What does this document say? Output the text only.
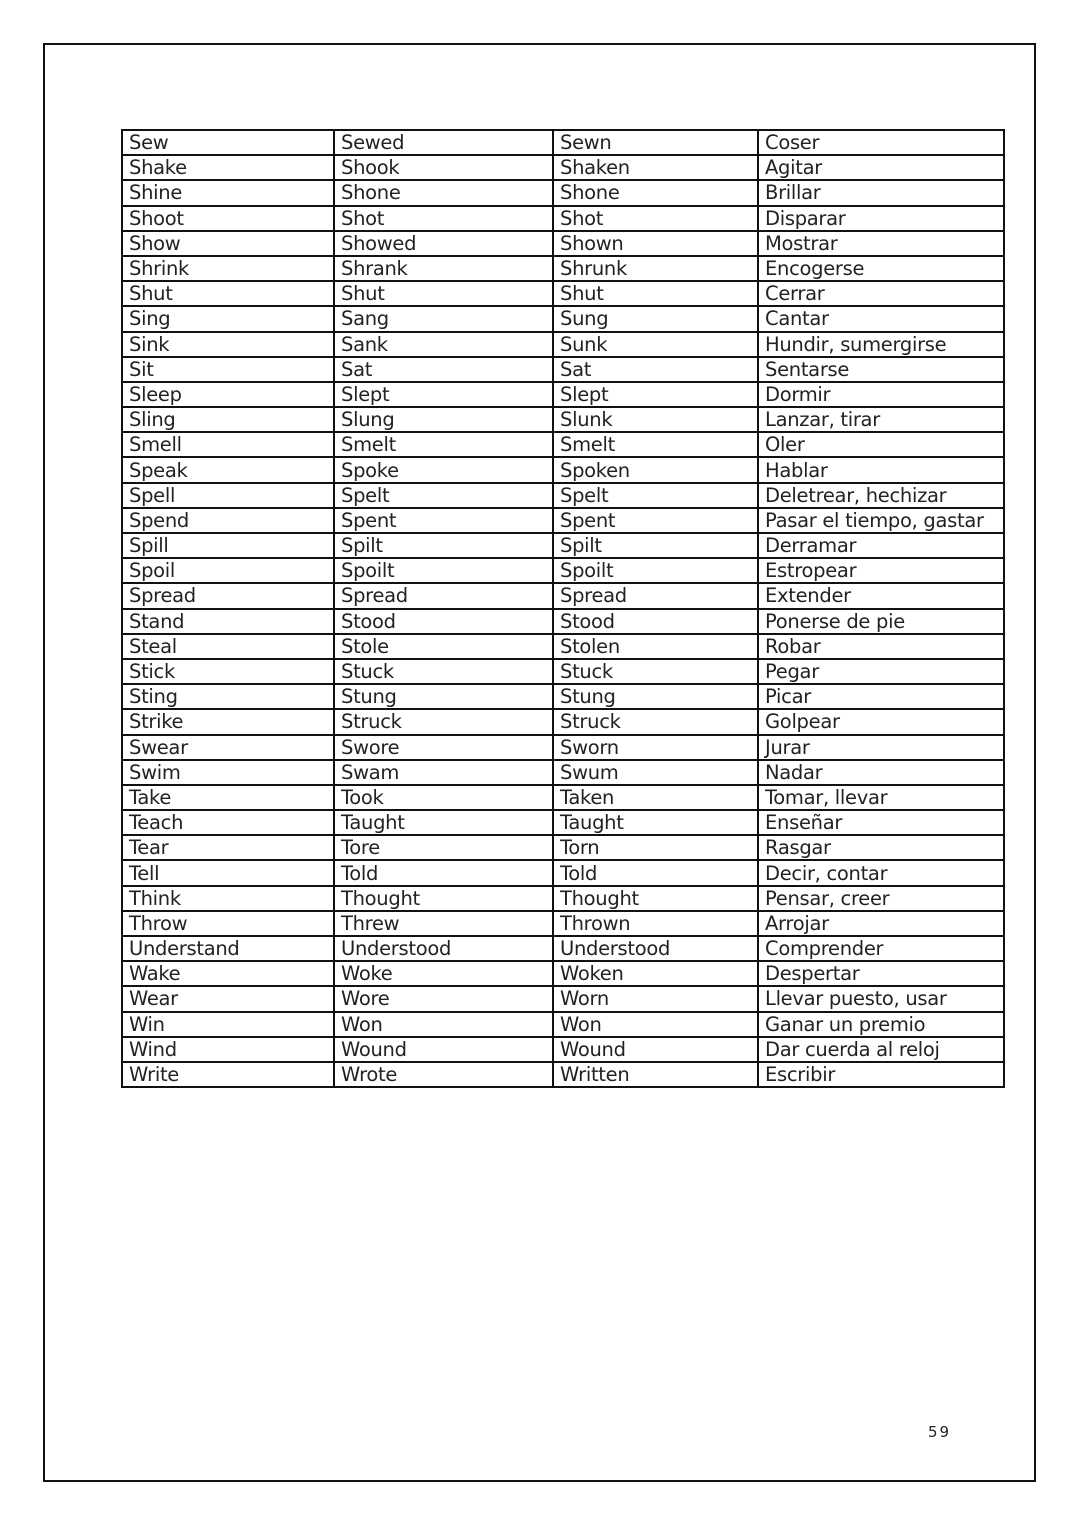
Sew	Sewed	Sewn	Coser
Shake	Shook	Shaken	Agitar
Shine	Shone	Shone	Brillar
Shoot	Shot	Shot	Disparar
Show	Showed	Shown	Mostrar
Shrink	Shrank	Shrunk	Encogerse
Shut	Shut	Shut	Cerrar
Sing	Sang	Sung	Cantar
Sink	Sank	Sunk	Hundir, sumergirse
Sit	Sat	Sat	Sentarse
Sleep	Slept	Slept	Dormir
Sling	Slung	Slunk	Lanzar, tirar
Smell	Smelt	Smelt	Oler
Speak	Spoke	Spoken	Hablar
Spell	Spelt	Spelt	Deletrear, hechizar
Spend	Spent	Spent	Pasar el tiempo, gastar
Spill	Spilt	Spilt	Derramar
Spoil	Spoilt	Spoilt	Estropear
Spread	Spread	Spread	Extender
Stand	Stood	Stood	Ponerse de pie
Steal	Stole	Stolen	Robar
Stick	Stuck	Stuck	Pegar
Sting	Stung	Stung	Picar
Strike	Struck	Struck	Golpear
Swear	Swore	Sworn	Jurar
Swim	Swam	Swum	Nadar
Take	Took	Taken	Tomar, llevar
Teach	Taught	Taught	Enseñar
Tear	Tore	Torn	Rasgar
Tell	Told	Told	Decir, contar
Think	Thought	Thought	Pensar, creer
Throw	Threw	Thrown	Arrojar
Understand	Understood	Understood	Comprender
Wake	Woke	Woken	Despertar
Wear	Wore	Worn	Llevar puesto, usar
Win	Won	Won	Ganar un premio
Wind	Wound	Wound	Dar cuerda al reloj
Write	Wrote	Written	Escribir
59
